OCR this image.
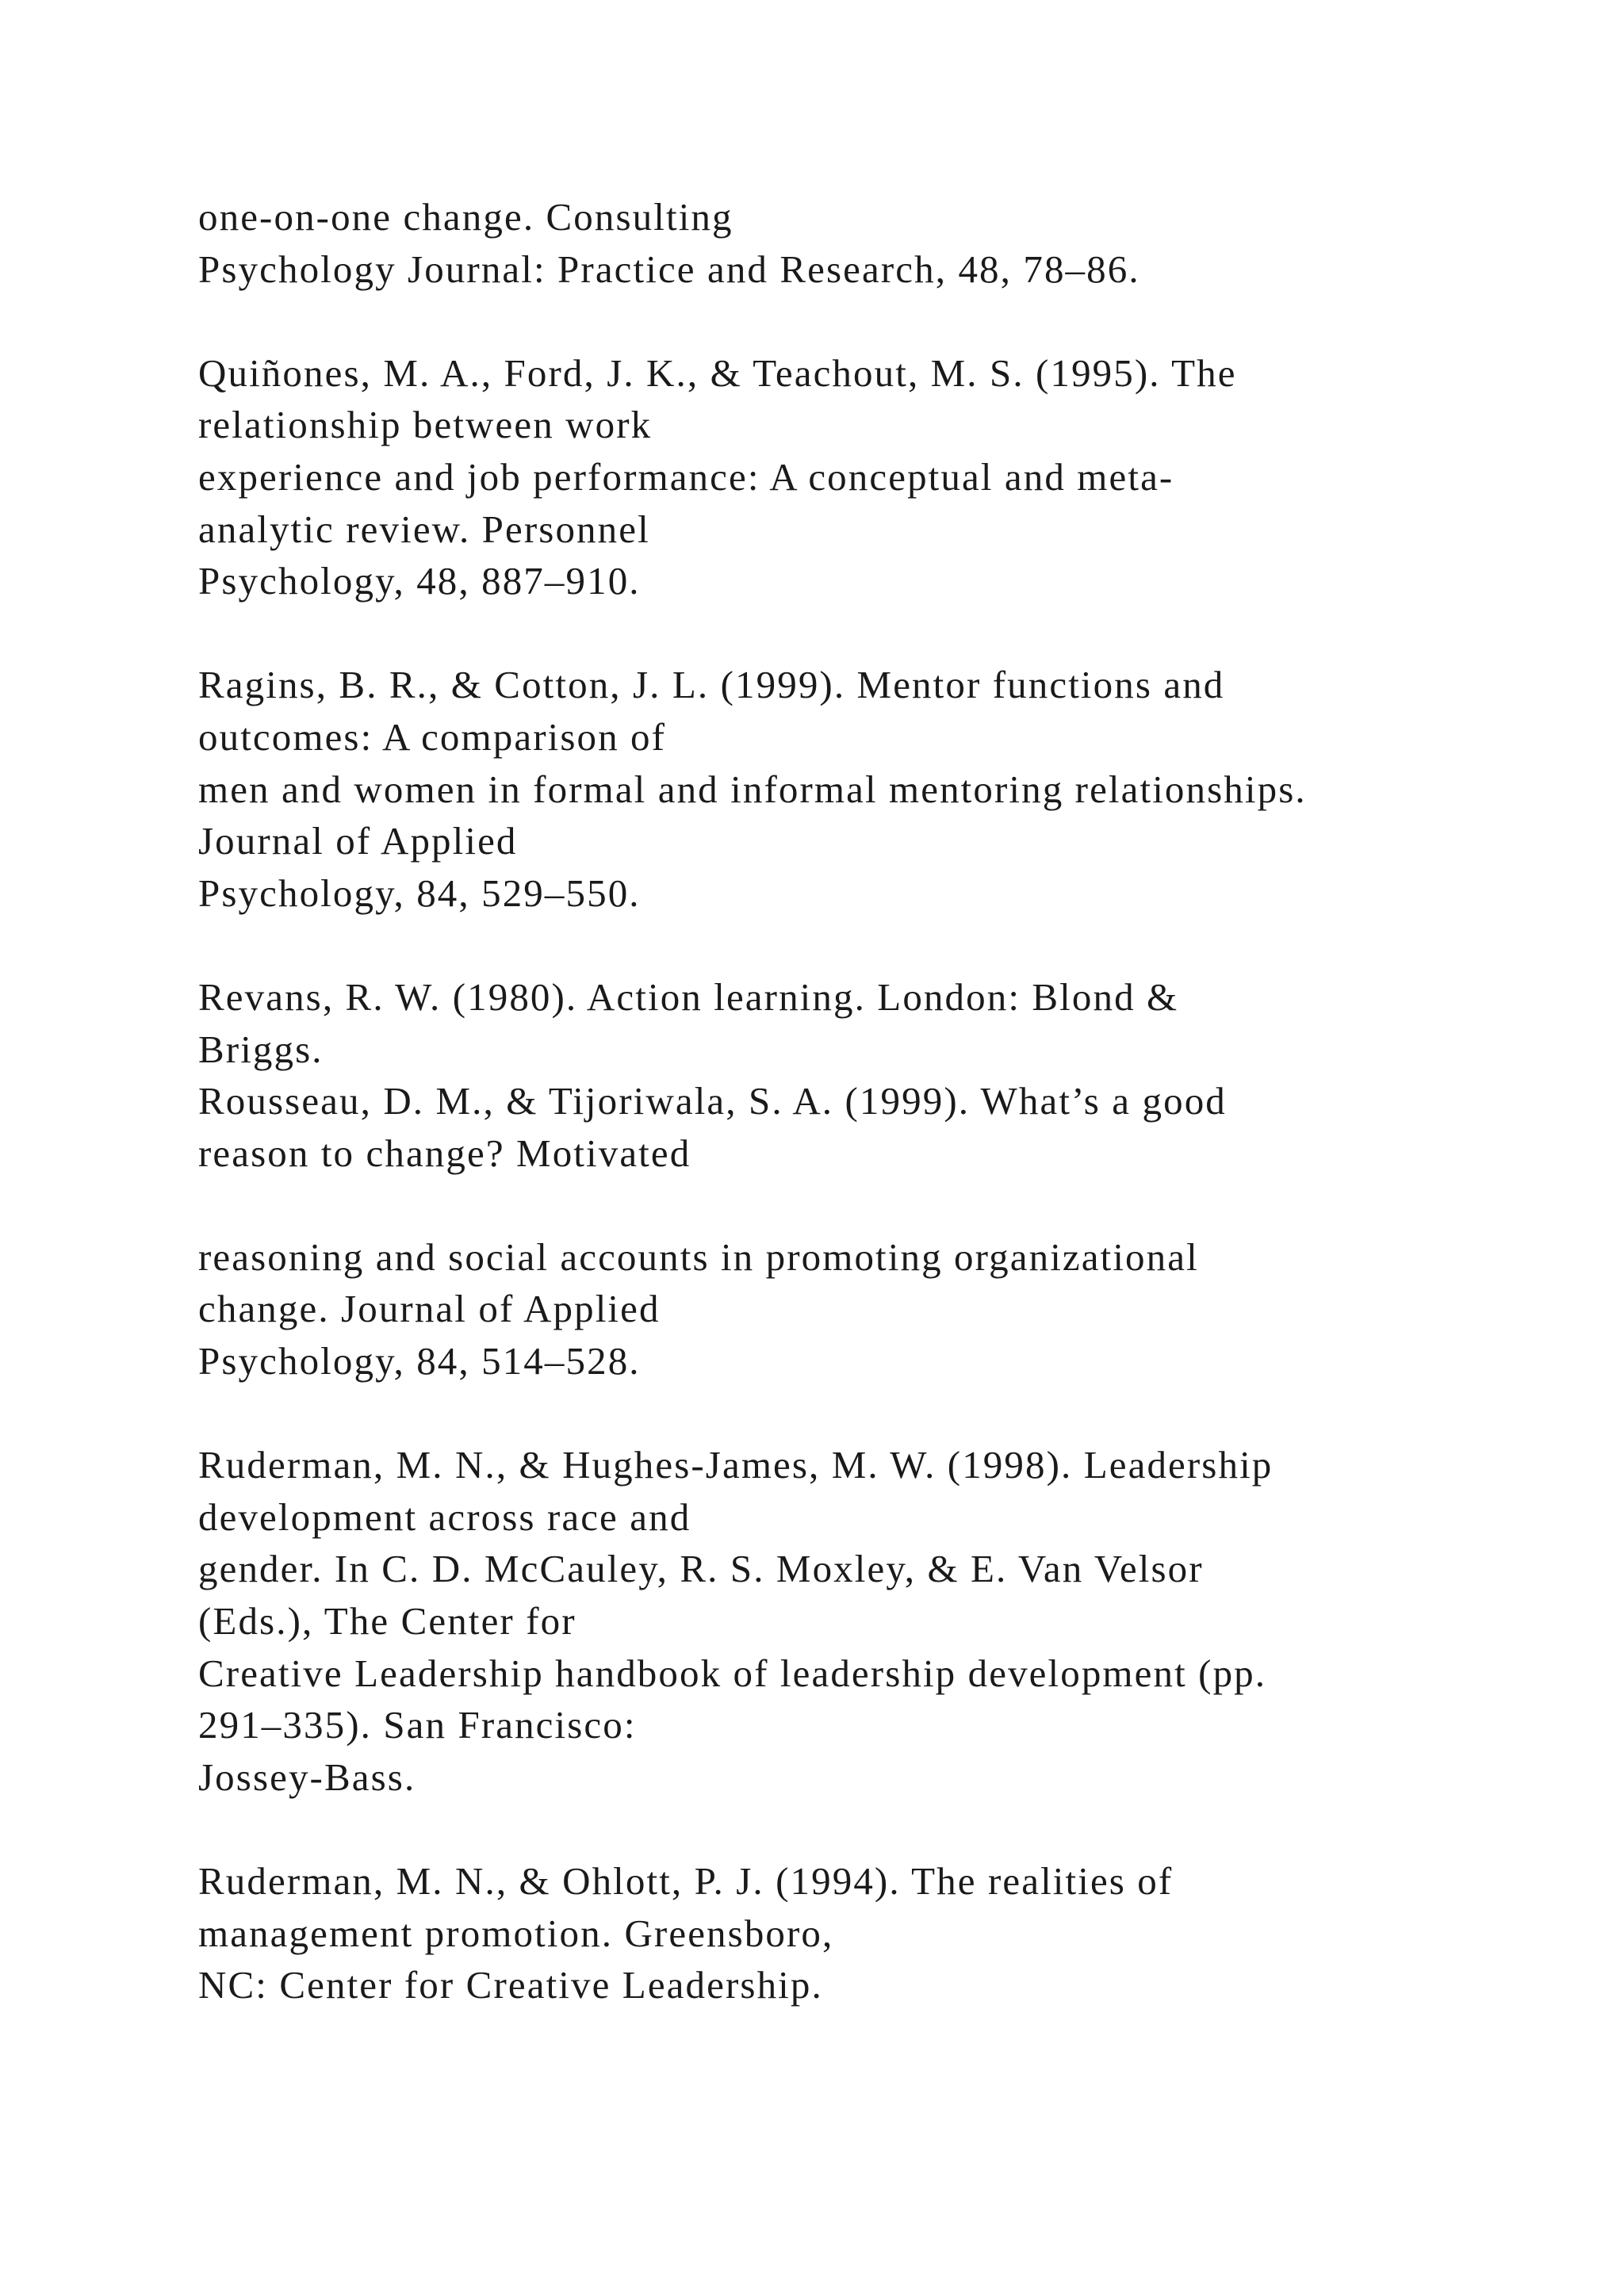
one-on-one change. Consulting
Psychology Journal: Practice and Research, 48, 78–86.
Quiñones, M. A., Ford, J. K., & Teachout, M. S. (1995). The
relationship between work
experience and job performance: A conceptual and meta-
analytic review. Personnel
Psychology, 48, 887–910.
Ragins, B. R., & Cotton, J. L. (1999). Mentor functions and
outcomes: A comparison of
men and women in formal and informal mentoring relationships.
Journal of Applied
Psychology, 84, 529–550.
Revans, R. W. (1980). Action learning. London: Blond &
Briggs.
Rousseau, D. M., & Tijoriwala, S. A. (1999). What’s a good
reason to change? Motivated
reasoning and social accounts in promoting organizational
change. Journal of Applied
Psychology, 84, 514–528.
Ruderman, M. N., & Hughes-James, M. W. (1998). Leadership
development across race and
gender. In C. D. McCauley, R. S. Moxley, & E. Van Velsor
(Eds.), The Center for
Creative Leadership handbook of leadership development (pp.
291–335). San Francisco:
Jossey-Bass.
Ruderman, M. N., & Ohlott, P. J. (1994). The realities of
management promotion. Greensboro,
NC: Center for Creative Leadership.
